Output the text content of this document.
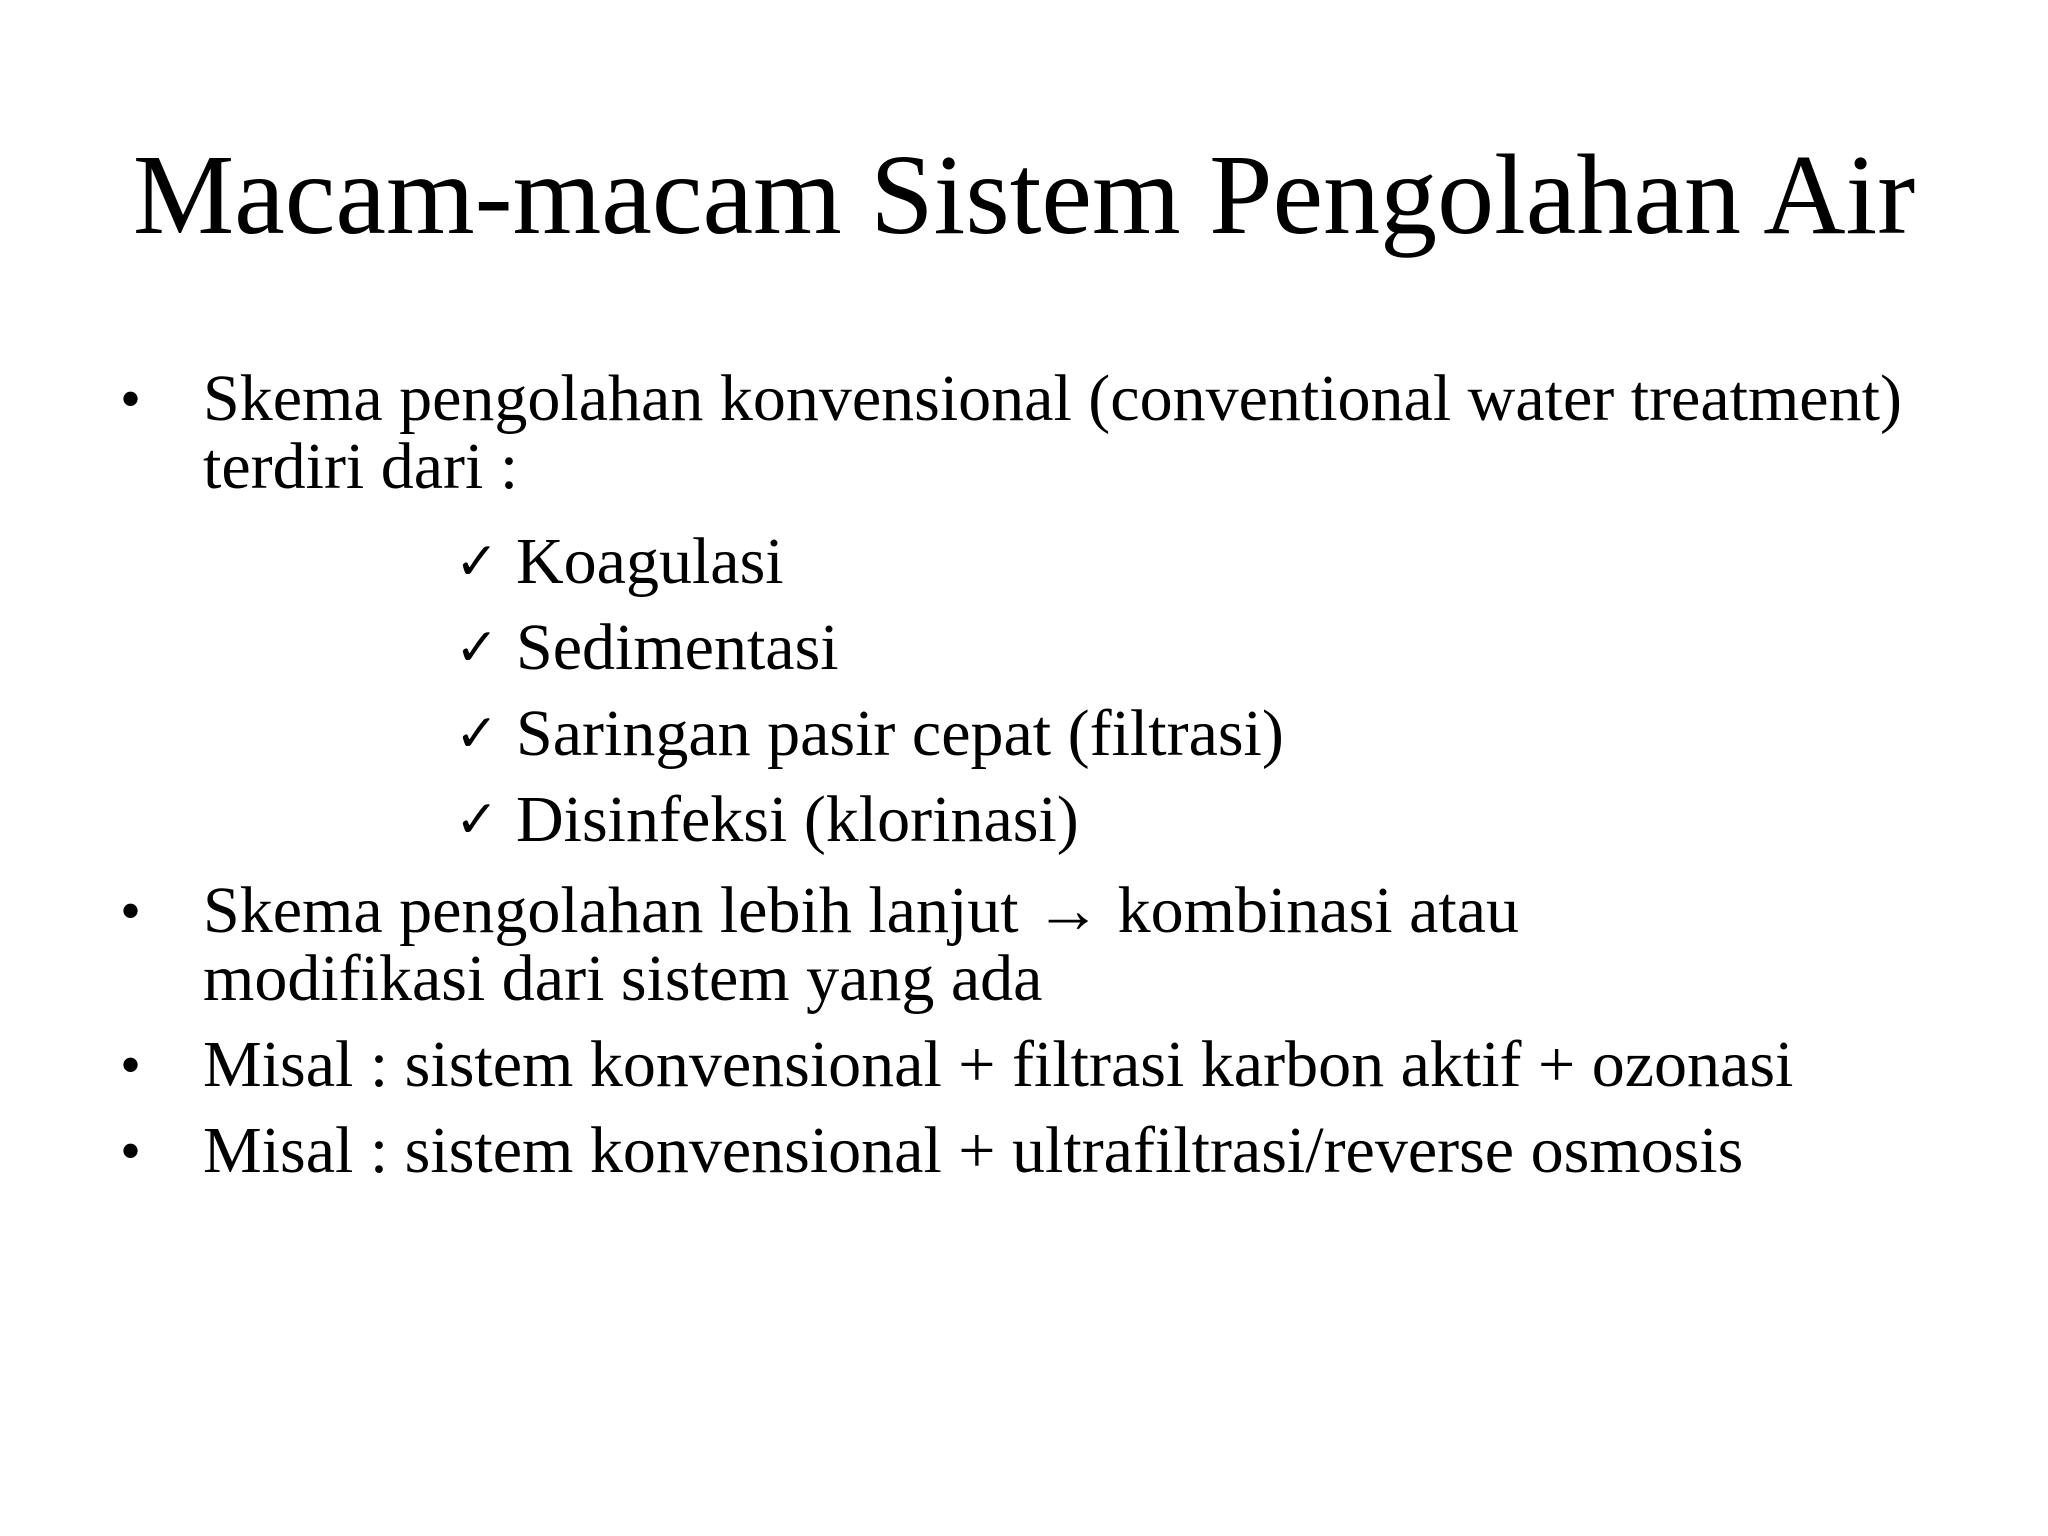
Macam-macam Sistem Pengolahan Air
• Skema pengolahan konvensional (conventional water treatment) terdiri dari :
✓ Koagulasi
✓ Sedimentasi
✓ Saringan pasir cepat (filtrasi)
✓ Disinfeksi (klorinasi)
• Skema pengolahan lebih lanjut → kombinasi atau modifikasi dari sistem yang ada
• Misal : sistem konvensional + filtrasi karbon aktif + ozonasi
• Misal : sistem konvensional + ultrafiltrasi/reverse osmosis
